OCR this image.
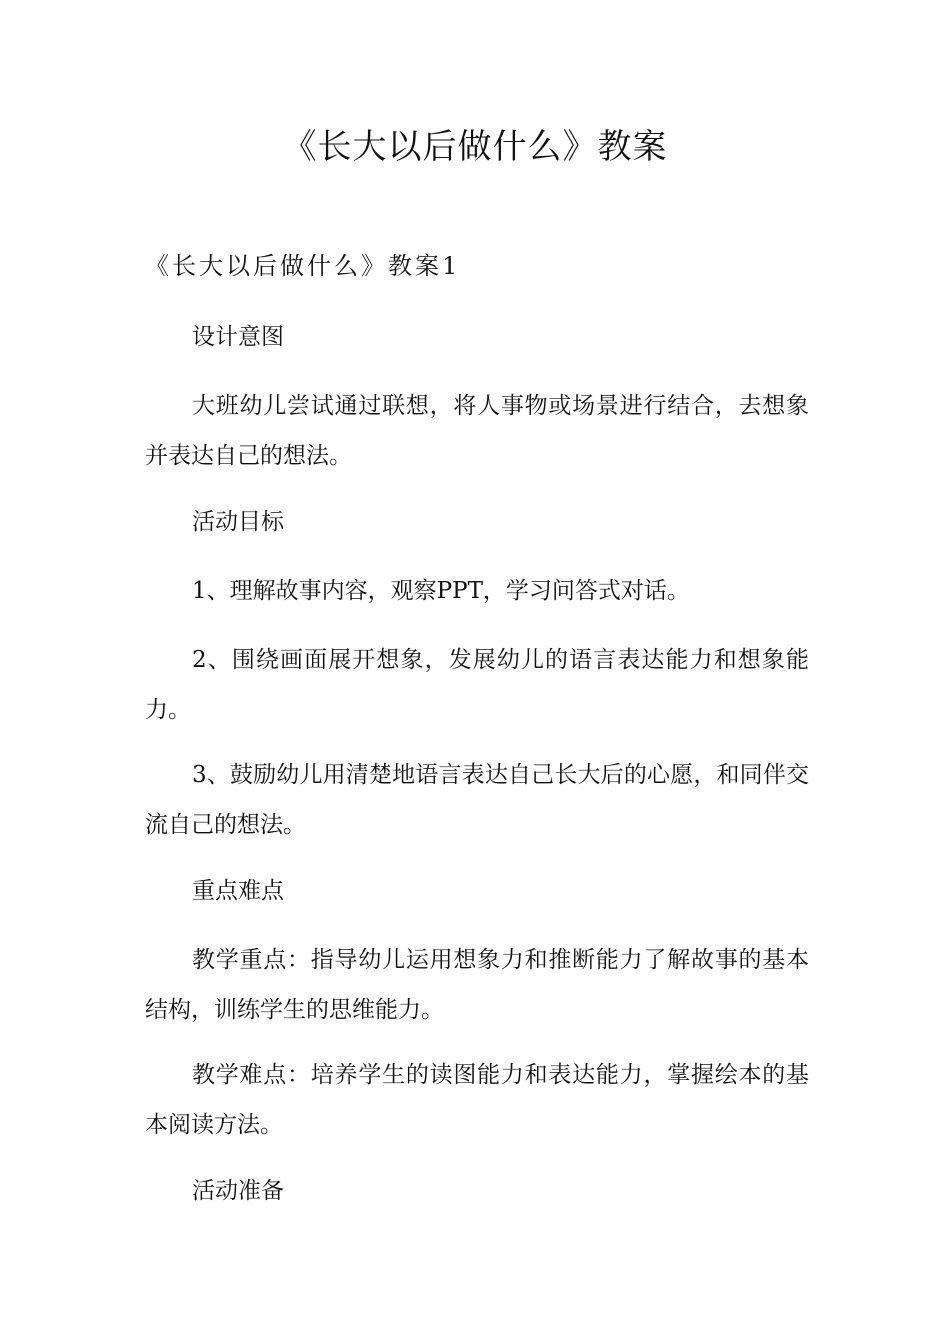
《长大以后做什么》教案
《长大以后做什么》教案1

设计意图

大班幼儿尝试通过联想，将人事物或场景进行结合，去想象并表达自己的想法。

活动目标

1、理解故事内容，观察PPT，学习问答式对话。

2、围绕画面展开想象，发展幼儿的语言表达能力和想象能力。

3、鼓励幼儿用清楚地语言表达自己长大后的心愿，和同伴交流自己的想法。

重点难点

教学重点：指导幼儿运用想象力和推断能力了解故事的基本结构，训练学生的思维能力。

教学难点：培养学生的读图能力和表达能力，掌握绘本的基本阅读方法。

活动准备
